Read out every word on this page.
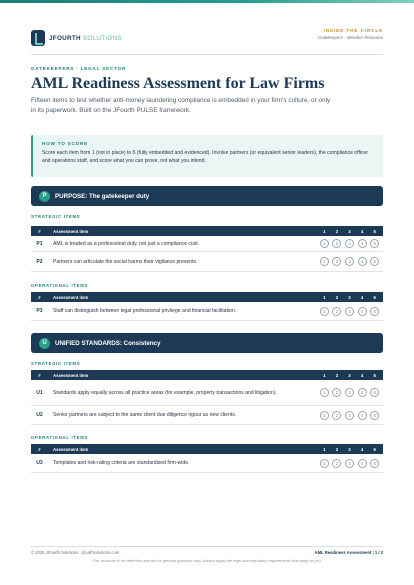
JFOURTH SOLUTIONS
INSIDE THE CIRCLE
Gatekeepers · Member Resource
GATEKEEPERS · LEGAL SECTOR
AML Readiness Assessment for Law Firms
Fifteen items to test whether anti-money laundering compliance is embedded in your firm's culture, or only in its paperwork. Built on the JFourth PULSE framework.
HOW TO SCORE
Score each item from 1 (not in place) to 5 (fully embedded and evidenced). Involve partners (or equivalent senior leaders), the compliance officer and operations staff, and score what you can prove, not what you intend.
P	PURPOSE: The gatekeeper duty
STRATEGIC ITEMS
#	Assessment item	1	2	3	4	5
P1	AML is treated as a professional duty, not just a compliance cost.	1	2	3	4	5
P2	Partners can articulate the social harms their vigilance prevents.	1	2	3	4	5
OPERATIONAL ITEMS
#	Assessment item	1	2	3	4	5
P3	Staff can distinguish between legal professional privilege and financial facilitation.	1	2	3	4	5
U	UNIFIED STANDARDS: Consistency
STRATEGIC ITEMS
#	Assessment item	1	2	3	4	5
U1	Standards apply equally across all practice areas (for example, property transactions and litigation).	1	2	3	4	5
U2	Senior partners are subject to the same client due diligence rigour as new clients.	1	2	3	4	5
OPERATIONAL ITEMS
#	Assessment item	1	2	3	4	5
U3	Templates and risk-rating criteria are standardised firm-wide.	1	2	3	4	5
© 2026 JFourth Solutions · jfourthsolutions.com	AML Readiness Assessment | 1 / 3
This resource is for reflection and not for general guidance only. Always apply the legal and regulatory requirements that apply to you.
